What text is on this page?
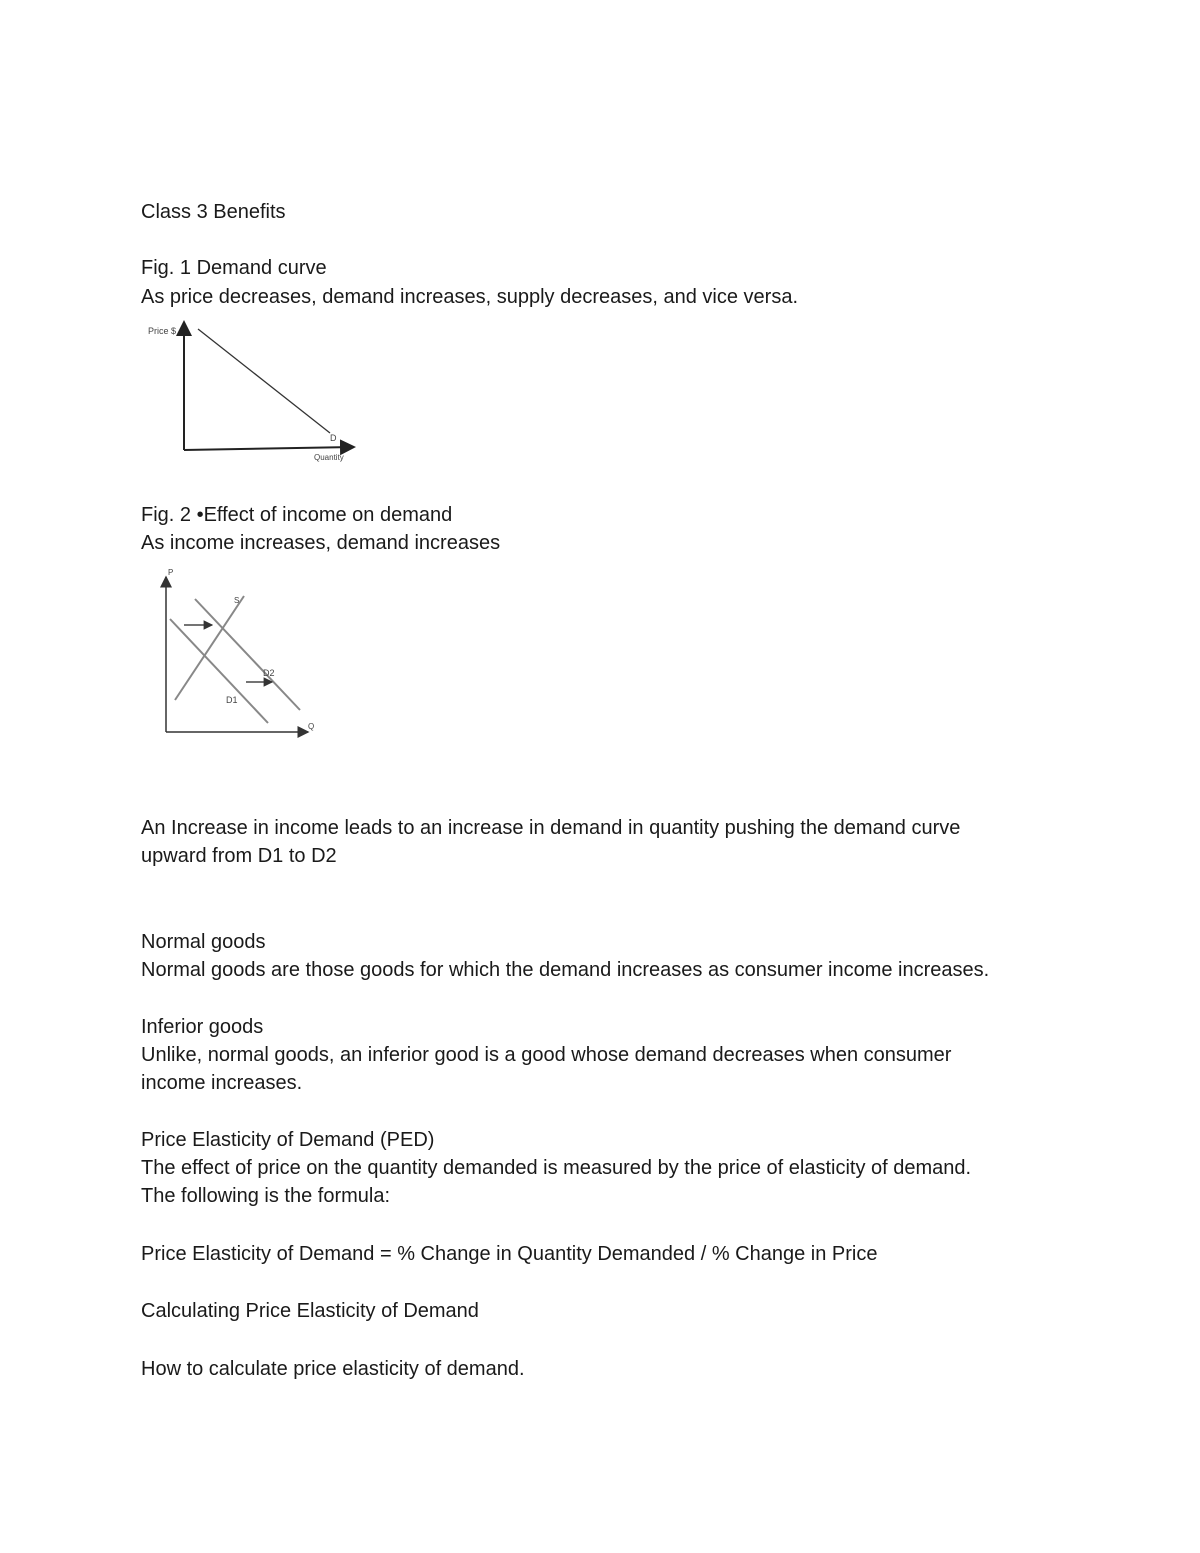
Class 3 Benefits
Fig. 1 Demand curve
As price decreases, demand increases, supply decreases, and vice versa.
Price $
D
Quantity
Fig. 2 •Effect of income on demand
As income increases, demand increases
P
S
D2
D1
Q
An Increase in income leads to an increase in demand in quantity pushing the demand curve
upward from D1 to D2
Normal goods
Normal goods are those goods for which the demand increases as consumer income increases.
Inferior goods
Unlike, normal goods, an inferior good is a good whose demand decreases when consumer
income increases.
Price Elasticity of Demand (PED)
The effect of price on the quantity demanded is measured by the price of elasticity of demand.
The following is the formula:
Price Elasticity of Demand = % Change in Quantity Demanded / % Change in Price
Calculating Price Elasticity of Demand
How to calculate price elasticity of demand.
